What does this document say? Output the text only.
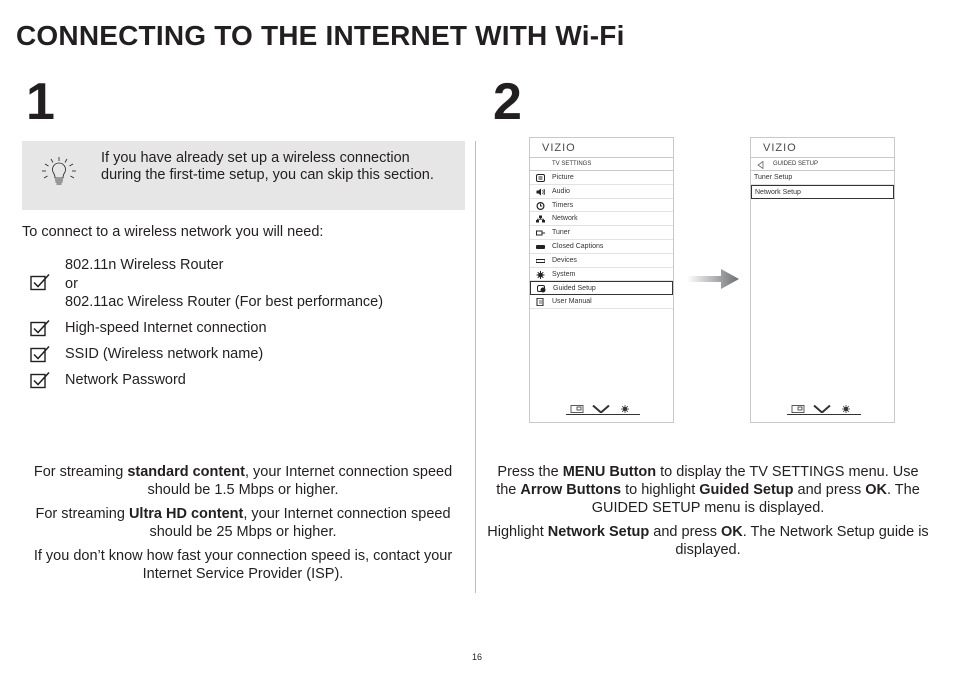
CONNECTING TO THE INTERNET WITH Wi-Fi
1	2
If you have already set up a wireless connection during the first-time setup, you can skip this section.
To connect to a wireless network you will need:
802.11n Wireless Router
or
802.11ac Wireless Router (For best performance)
High-speed Internet connection
SSID (Wireless network name)
Network Password
For streaming standard content, your Internet connection speed should be 1.5 Mbps or higher.
For streaming Ultra HD content, your Internet connection speed should be 25 Mbps or higher.
If you don’t know how fast your connection speed is, contact your Internet Service Provider (ISP).
VIZIO
TV SETTINGS
Picture
Audio
Timers
Network
Tuner
Closed Captions
Devices
System
Guided Setup
User Manual
VIZIO
GUIDED SETUP
Tuner Setup
Network Setup
Press the MENU Button to display the TV SETTINGS menu. Use the Arrow Buttons to highlight Guided Setup and press OK. The GUIDED SETUP menu is displayed.
Highlight Network Setup and press OK. The Network Setup guide is displayed.
16
